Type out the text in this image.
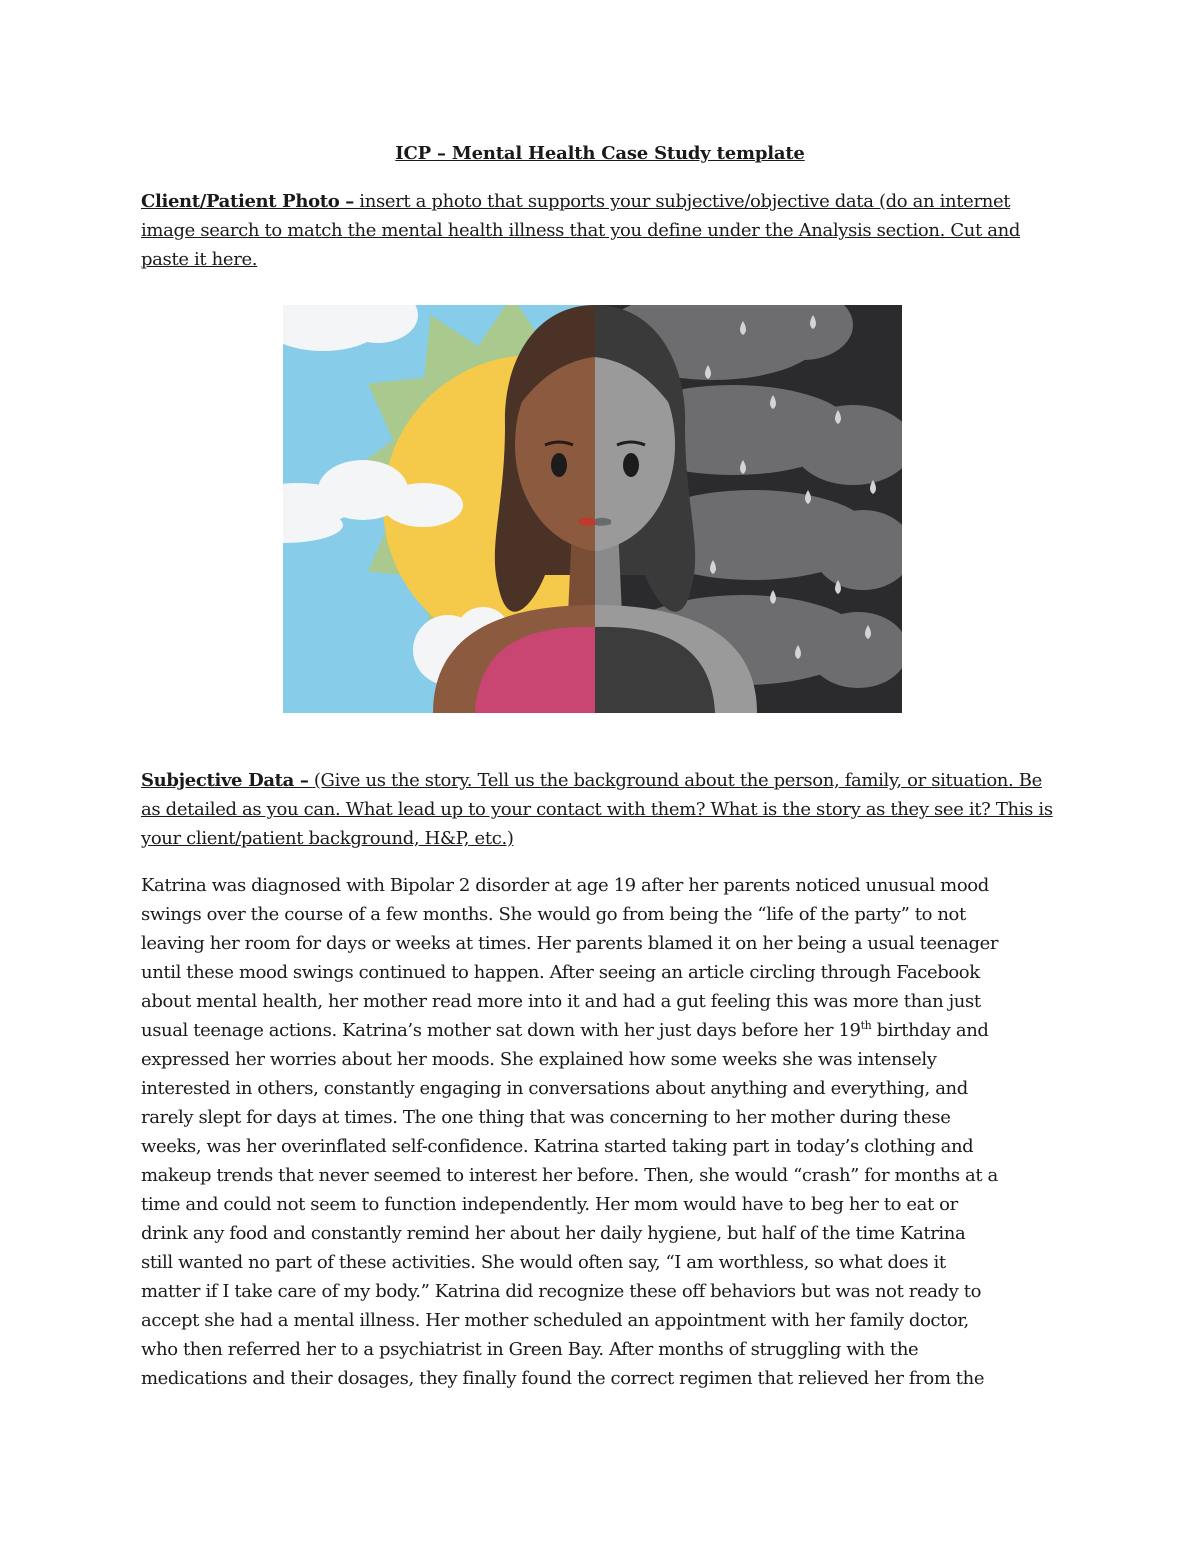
ICP – Mental Health Case Study template
Client/Patient Photo – insert a photo that supports your subjective/objective data (do an internet image search to match the mental health illness that you define under the Analysis section. Cut and paste it here.
Subjective Data – (Give us the story. Tell us the background about the person, family, or situation. Be as detailed as you can. What lead up to your contact with them? What is the story as they see it? This is your client/patient background, H&P, etc.)
Katrina was diagnosed with Bipolar 2 disorder at age 19 after her parents noticed unusual mood
swings over the course of a few months. She would go from being the “life of the party” to not
leaving her room for days or weeks at times. Her parents blamed it on her being a usual teenager
until these mood swings continued to happen. After seeing an article circling through Facebook
about mental health, her mother read more into it and had a gut feeling this was more than just
usual teenage actions. Katrina’s mother sat down with her just days before her 19th birthday and
expressed her worries about her moods. She explained how some weeks she was intensely
interested in others, constantly engaging in conversations about anything and everything, and
rarely slept for days at times. The one thing that was concerning to her mother during these
weeks, was her overinflated self-confidence. Katrina started taking part in today’s clothing and
makeup trends that never seemed to interest her before. Then, she would “crash” for months at a
time and could not seem to function independently. Her mom would have to beg her to eat or
drink any food and constantly remind her about her daily hygiene, but half of the time Katrina
still wanted no part of these activities. She would often say, “I am worthless, so what does it
matter if I take care of my body.” Katrina did recognize these off behaviors but was not ready to
accept she had a mental illness. Her mother scheduled an appointment with her family doctor,
who then referred her to a psychiatrist in Green Bay. After months of struggling with the
medications and their dosages, they finally found the correct regimen that relieved her from the
